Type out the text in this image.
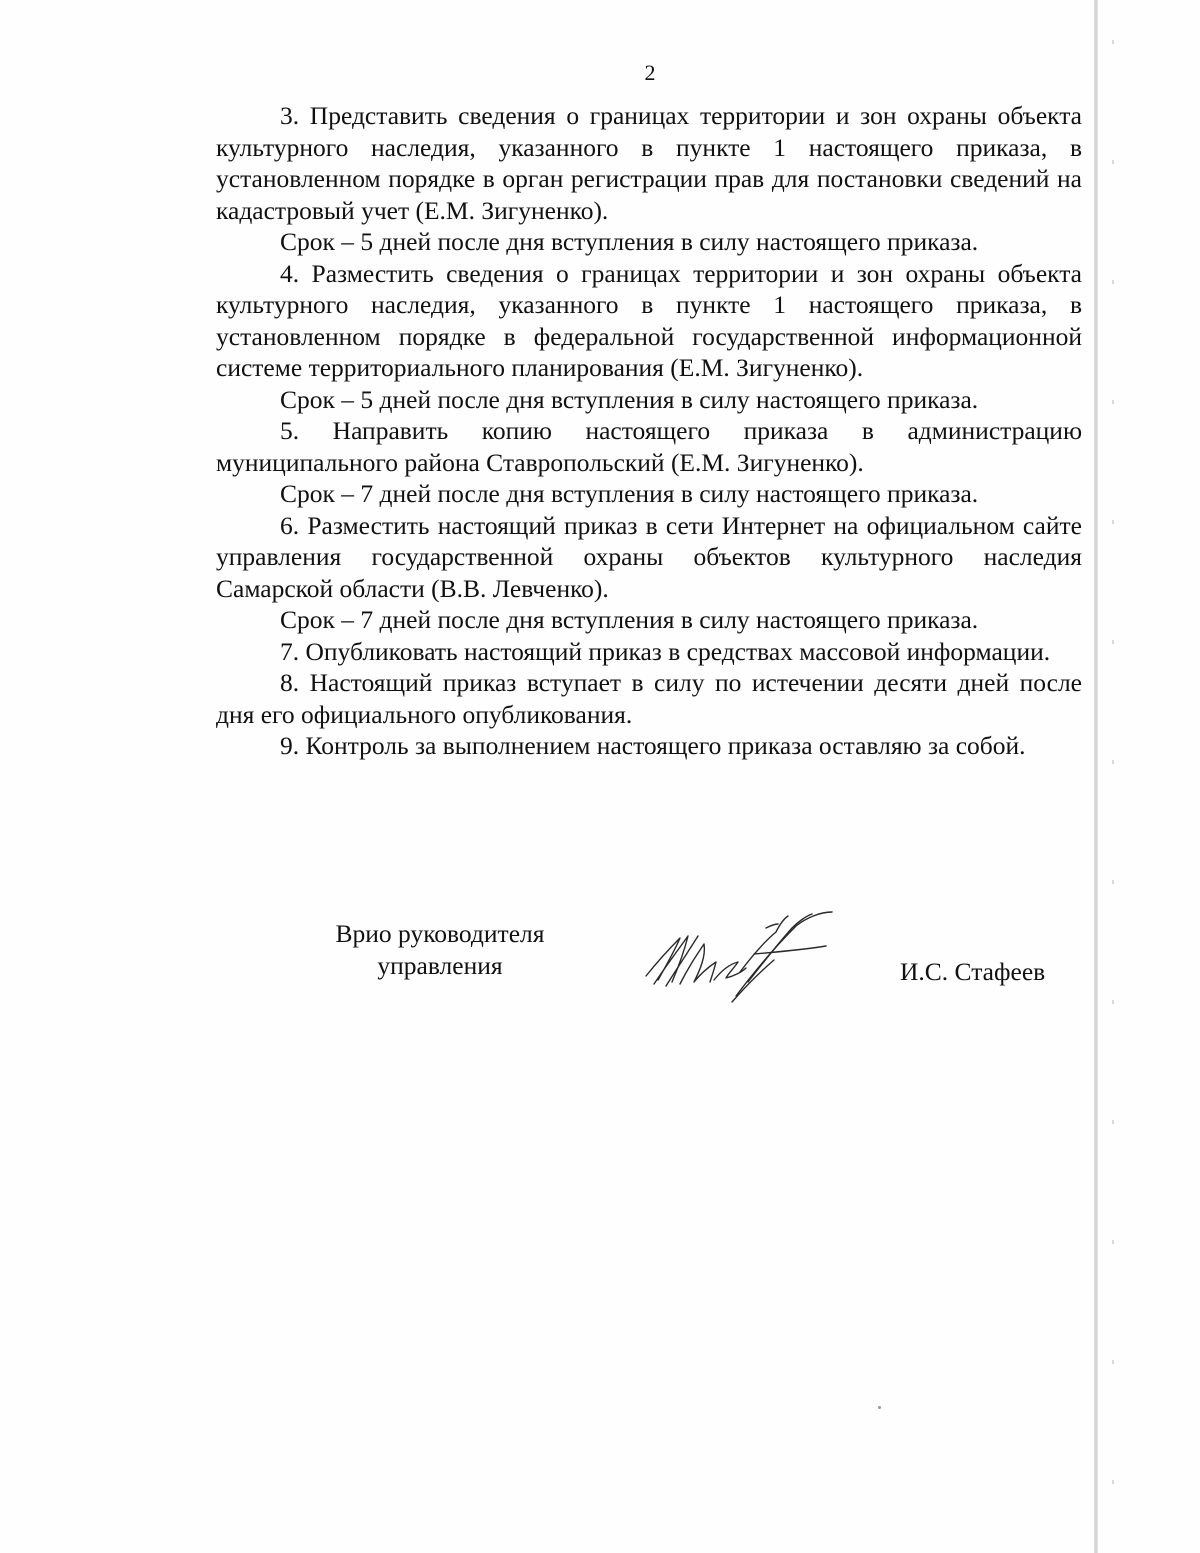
2

3. Представить сведения о границах территории и зон охраны объекта культурного наследия, указанного в пункте 1 настоящего приказа, в установленном порядке в орган регистрации прав для постановки сведений на кадастровый учет (Е.М. Зигуненко).

Срок – 5 дней после дня вступления в силу настоящего приказа.

4. Разместить сведения о границах территории и зон охраны объекта культурного наследия, указанного в пункте 1 настоящего приказа, в установленном порядке в федеральной государственной информационной системе территориального планирования (Е.М. Зигуненко).

Срок – 5 дней после дня вступления в силу настоящего приказа.

5. Направить копию настоящего приказа в администрацию муниципального района Ставропольский (Е.М. Зигуненко).

Срок – 7 дней после дня вступления в силу настоящего приказа.

6. Разместить настоящий приказ в сети Интернет на официальном сайте управления государственной охраны объектов культурного наследия Самарской области (В.В. Левченко).

Срок – 7 дней после дня вступления в силу настоящего приказа.

7. Опубликовать настоящий приказ в средствах массовой информации.

8. Настоящий приказ вступает в силу по истечении десяти дней после дня его официального опубликования.

9. Контроль за выполнением настоящего приказа оставляю за собой.

Врио руководителя
управления	И.С. Стафеев
